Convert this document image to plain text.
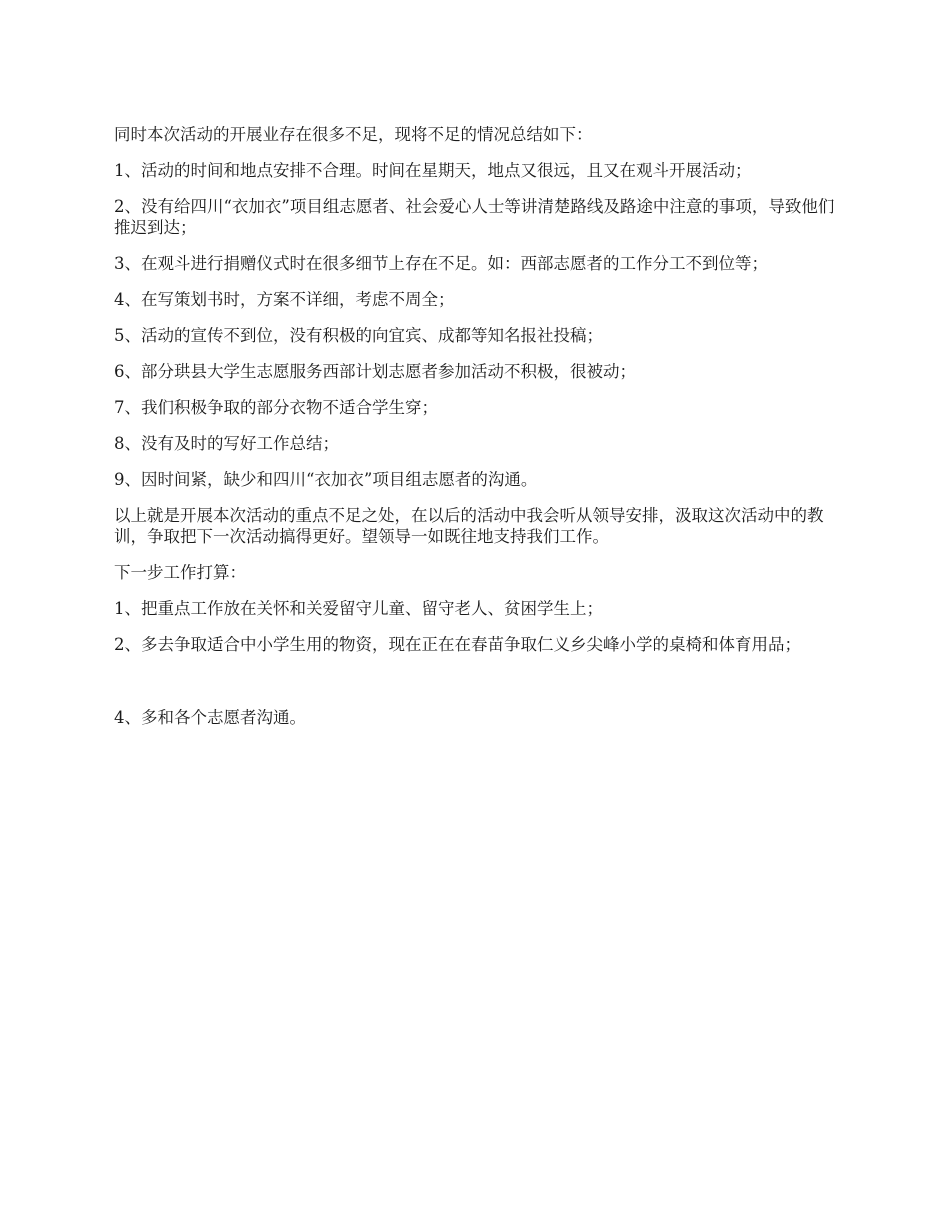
同时本次活动的开展业存在很多不足，现将不足的情况总结如下：

1、活动的时间和地点安排不合理。时间在星期天，地点又很远，且又在观斗开展活动；

2、没有给四川“衣加衣”项目组志愿者、社会爱心人士等讲清楚路线及路途中注意的事项，导致他们推迟到达；

3、在观斗进行捐赠仪式时在很多细节上存在不足。如：西部志愿者的工作分工不到位等；

4、在写策划书时，方案不详细，考虑不周全；

5、活动的宣传不到位，没有积极的向宜宾、成都等知名报社投稿；

6、部分珙县大学生志愿服务西部计划志愿者参加活动不积极，很被动；

7、我们积极争取的部分衣物不适合学生穿；

8、没有及时的写好工作总结；

9、因时间紧，缺少和四川“衣加衣”项目组志愿者的沟通。

以上就是开展本次活动的重点不足之处，在以后的活动中我会听从领导安排，汲取这次活动中的教训，争取把下一次活动搞得更好。望领导一如既往地支持我们工作。

下一步工作打算：

1、把重点工作放在关怀和关爱留守儿童、留守老人、贫困学生上；

2、多去争取适合中小学生用的物资，现在正在在春苗争取仁义乡尖峰小学的桌椅和体育用品；

4、多和各个志愿者沟通。
